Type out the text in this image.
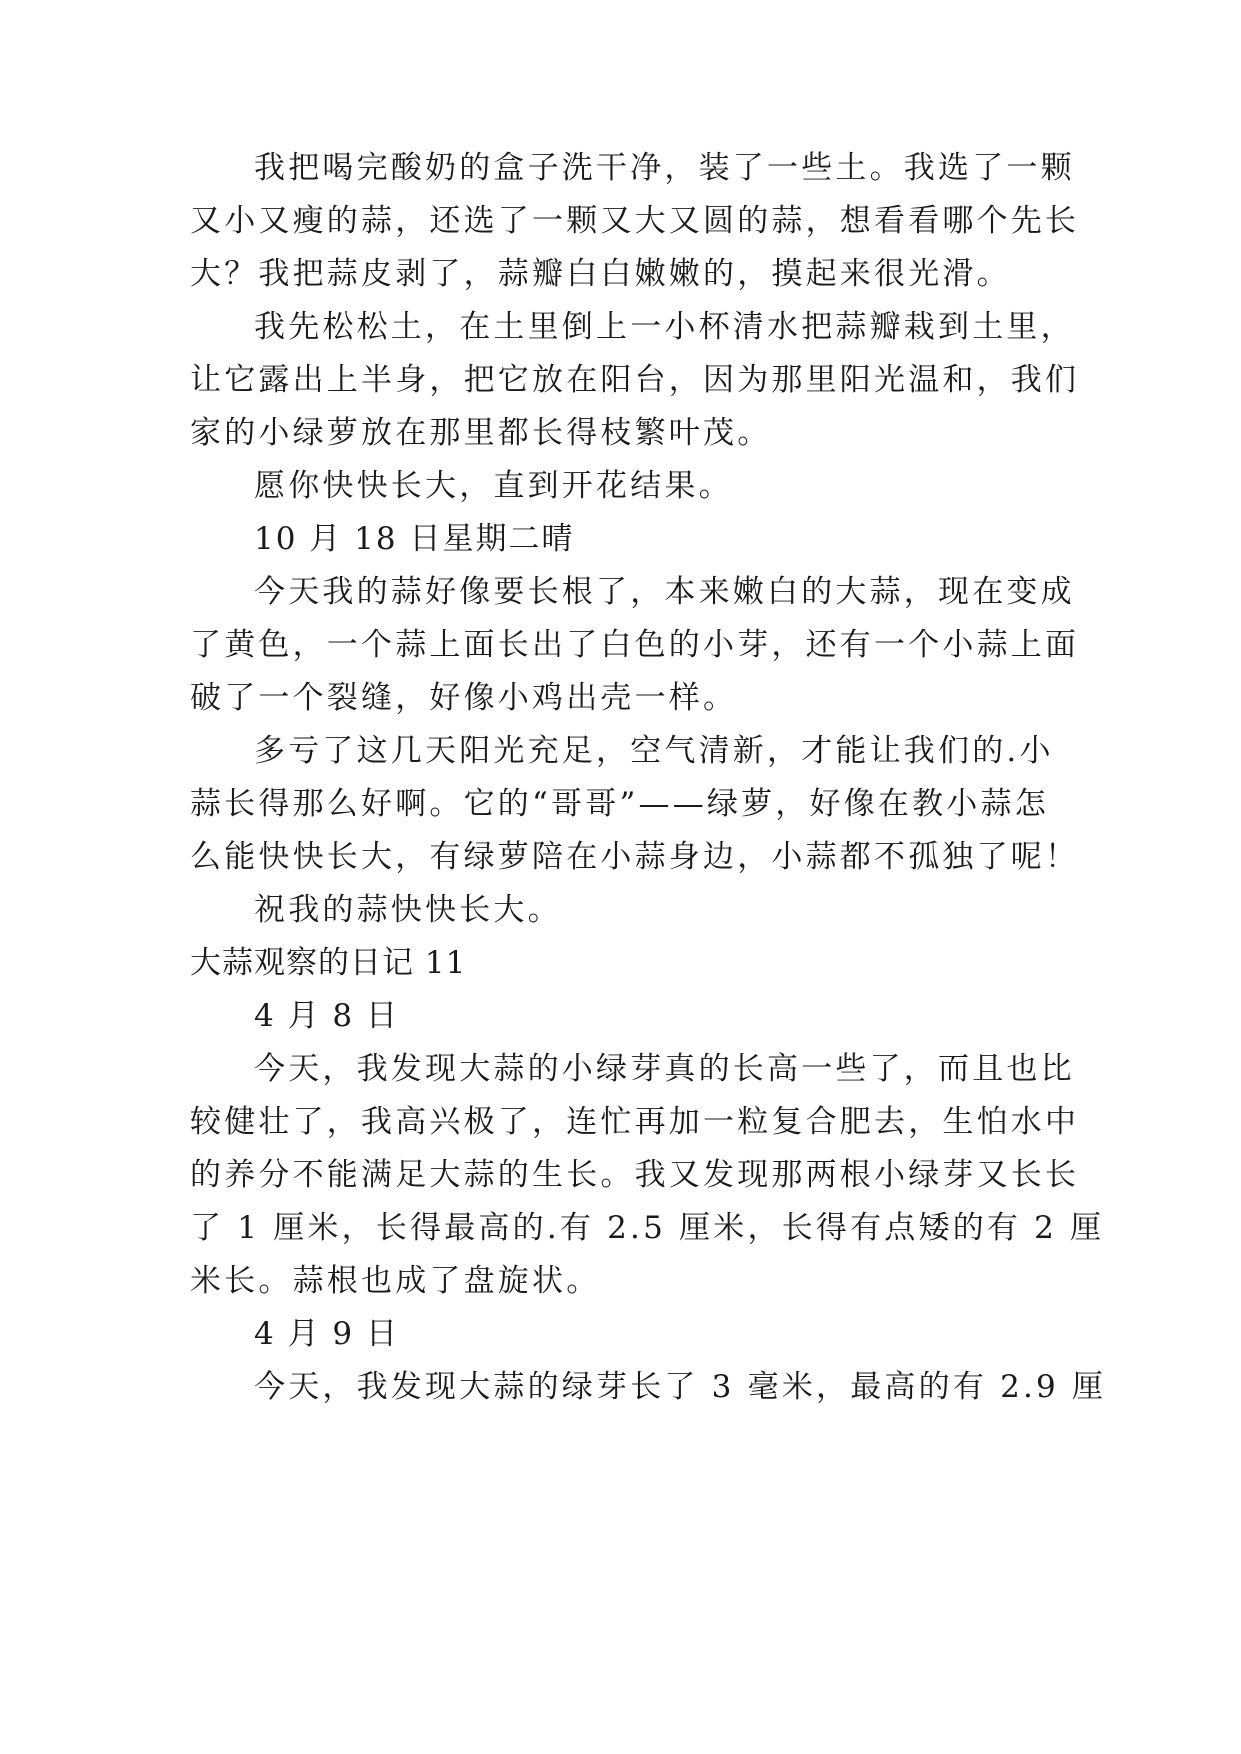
我把喝完酸奶的盒子洗干净，装了一些土。我选了一颗
又小又瘦的蒜，还选了一颗又大又圆的蒜，想看看哪个先长
大？我把蒜皮剥了，蒜瓣白白嫩嫩的，摸起来很光滑。
我先松松土，在土里倒上一小杯清水把蒜瓣栽到土里，
让它露出上半身，把它放在阳台，因为那里阳光温和，我们
家的小绿萝放在那里都长得枝繁叶茂。
愿你快快长大，直到开花结果。
10 月 18 日星期二晴
今天我的蒜好像要长根了，本来嫩白的大蒜，现在变成
了黄色，一个蒜上面长出了白色的小芽，还有一个小蒜上面
破了一个裂缝，好像小鸡出壳一样。
多亏了这几天阳光充足，空气清新，才能让我们的.小
蒜长得那么好啊。它的“哥哥”——绿萝，好像在教小蒜怎
么能快快长大，有绿萝陪在小蒜身边，小蒜都不孤独了呢！
祝我的蒜快快长大。
大蒜观察的日记 11
4 月 8 日
今天，我发现大蒜的小绿芽真的长高一些了，而且也比
较健壮了，我高兴极了，连忙再加一粒复合肥去，生怕水中
的养分不能满足大蒜的生长。我又发现那两根小绿芽又长长
了 1 厘米，长得最高的.有 2.5 厘米，长得有点矮的有 2 厘
米长。蒜根也成了盘旋状。
4 月 9 日
今天，我发现大蒜的绿芽长了 3 毫米，最高的有 2.9 厘
